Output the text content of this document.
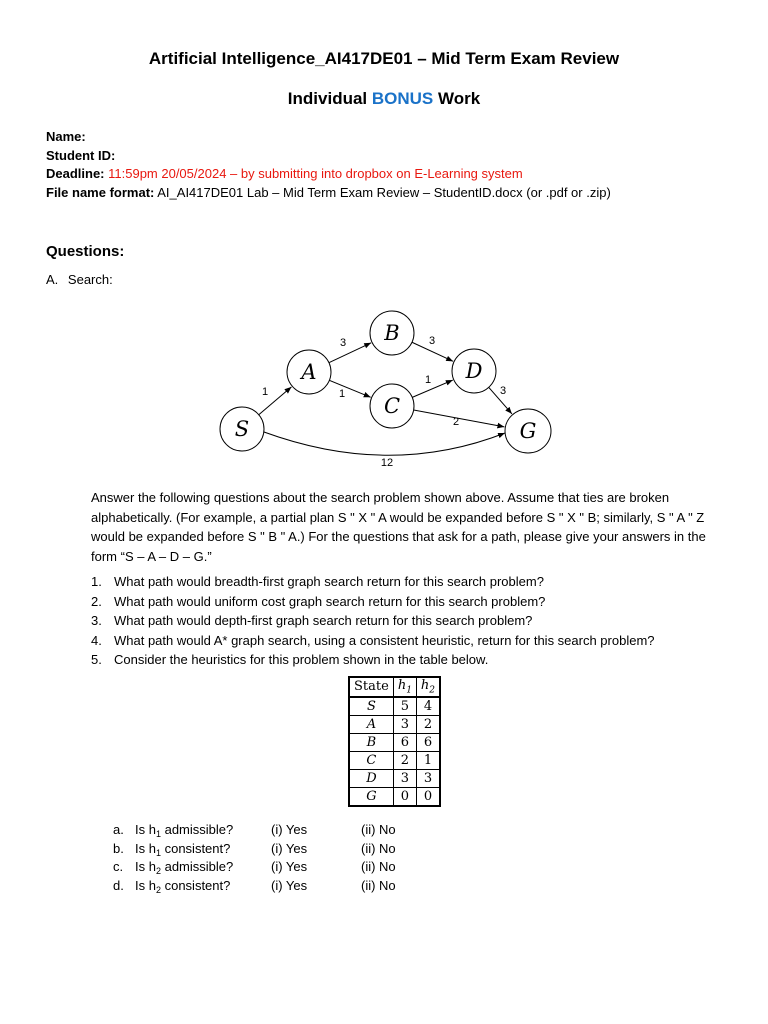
Artificial Intelligence_AI417DE01 – Mid Term Exam Review
Individual BONUS Work
Name:
Student ID:
Deadline: 11:59pm 20/05/2024 – by submitting into dropbox on E-Learning system
File name format: AI_AI417DE01 Lab – Mid Term Exam Review – StudentID.docx (or .pdf or .zip)
Questions:
A. Search:
S
A
B
C
D
G
1
3
1
3
1
2
3
12
Answer the following questions about the search problem shown above. Assume that ties are broken alphabetically. (For example, a partial plan S " X " A would be expanded before S " X " B; similarly, S " A " Z would be expanded before S " B " A.) For the questions that ask for a path, please give your answers in the form “S – A – D – G.”
1. What path would breadth-first graph search return for this search problem?
2. What path would uniform cost graph search return for this search problem?
3. What path would depth-first graph search return for this search problem?
4. What path would A* graph search, using a consistent heuristic, return for this search problem?
5. Consider the heuristics for this problem shown in the table below.
State	$h_1$	$h_2$
S	5	4
A	3	2
B	6	6
C	2	1
D	3	3
G	0	0
a. Is h1 admissible?	(i) Yes	(ii) No
b. Is h1 consistent?	(i) Yes	(ii) No
c. Is h2 admissible?	(i) Yes	(ii) No
d. Is h2 consistent?	(i) Yes	(ii) No
